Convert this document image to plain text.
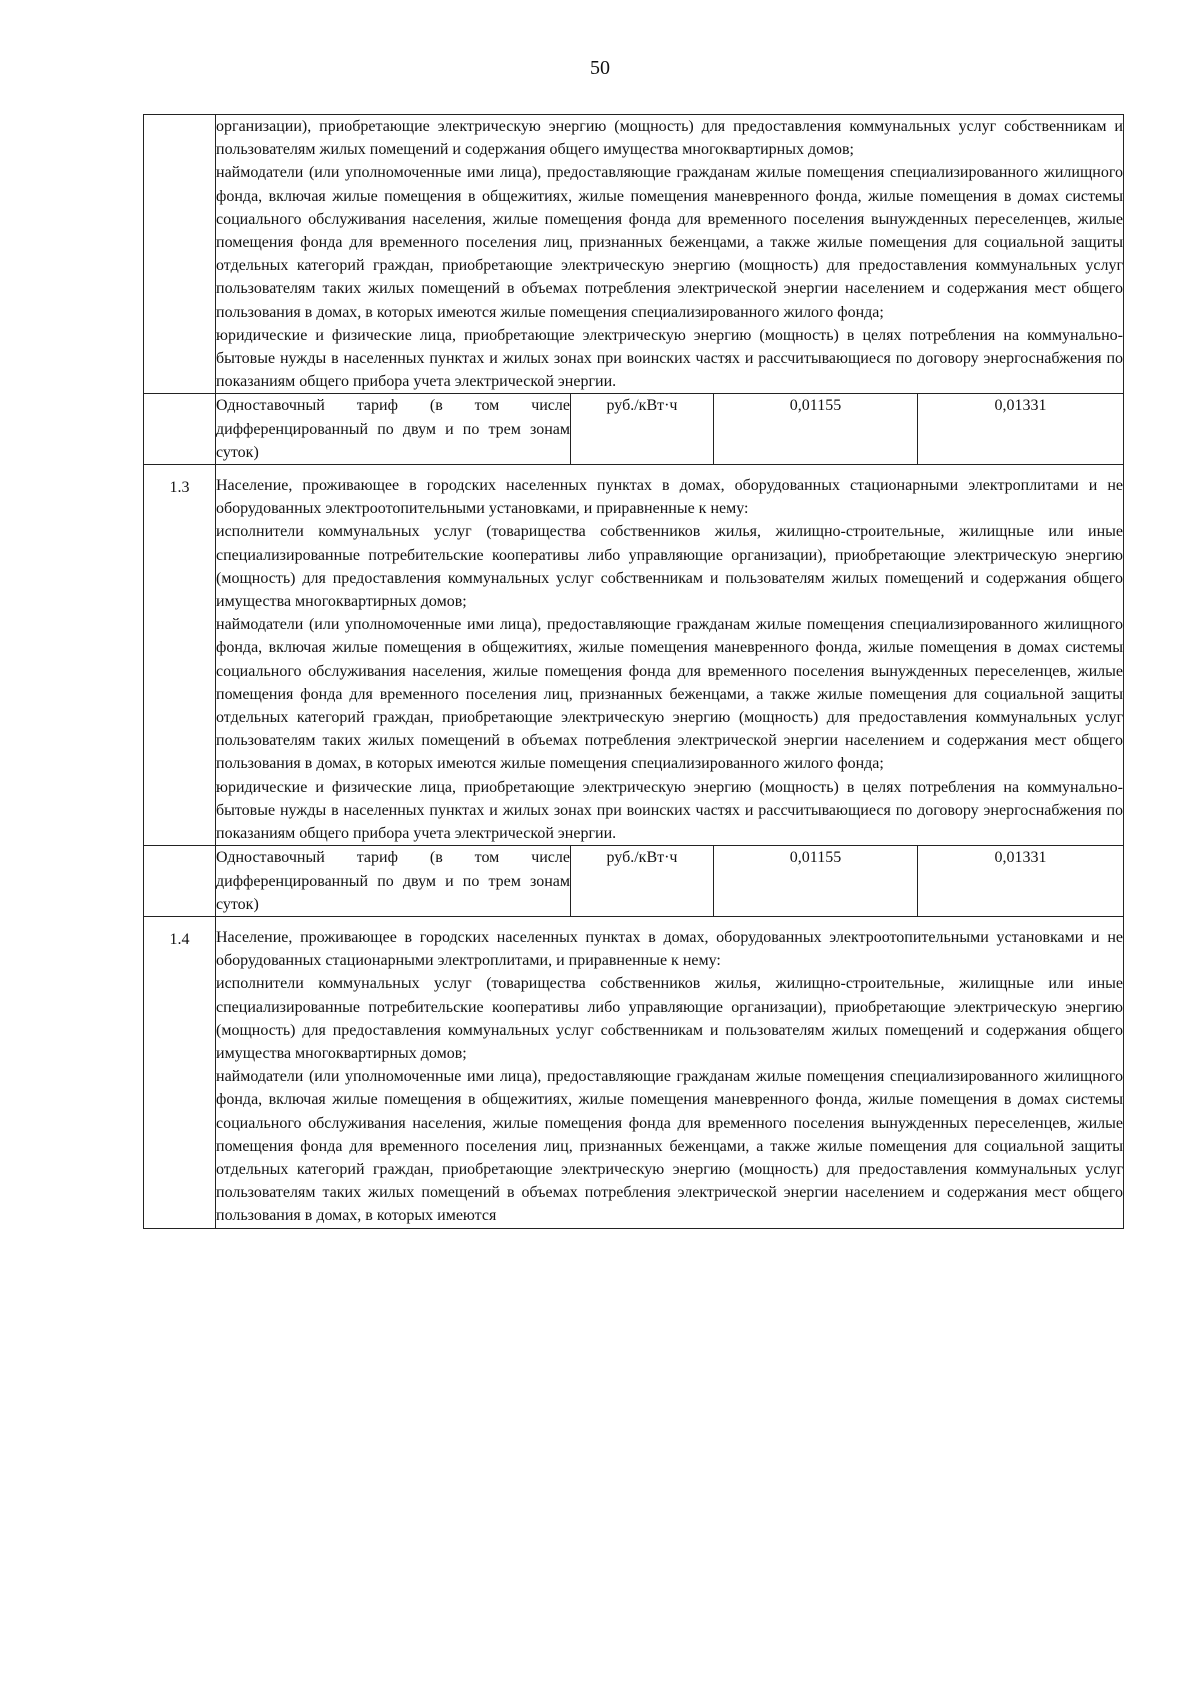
50

	организации), приобретающие электрическую энергию (мощность) для предоставления коммунальных услуг собственникам и пользователям жилых помещений и содержания общего имущества многоквартирных домов;

наймодатели (или уполномоченные ими лица), предоставляющие гражданам жилые помещения специализированного жилищного фонда, включая жилые помещения в общежитиях, жилые помещения маневренного фонда, жилые помещения в домах системы социального обслуживания населения, жилые помещения фонда для временного поселения вынужденных переселенцев, жилые помещения фонда для временного поселения лиц, признанных беженцами, а также жилые помещения для социальной защиты отдельных категорий граждан, приобретающие электрическую энергию (мощность) для предоставления коммунальных услуг пользователям таких жилых помещений в объемах потребления электрической энергии населением и содержания мест общего пользования в домах, в которых имеются жилые помещения специализированного жилого фонда;

юридические и физические лица, приобретающие электрическую энергию (мощность) в целях потребления на коммунально-бытовые нужды в населенных пунктах и жилых зонах при воинских частях и рассчитывающиеся по договору энергоснабжения по показаниям общего прибора учета электрической энергии.			

	Одноставочный тариф (в том числе дифференцированный по двум и по трем зонам суток)	руб./кВт·ч	0,01155	0,01331
1.3	Население, проживающее в городских населенных пунктах в домах, оборудованных стационарными электроплитами и не оборудованных электроотопительными установками, и приравненные к нему:

исполнители коммунальных услуг (товарищества собственников жилья, жилищно-строительные, жилищные или иные специализированные потребительские кооперативы либо управляющие организации), приобретающие электрическую энергию (мощность) для предоставления коммунальных услуг собственникам и пользователям жилых помещений и содержания общего имущества многоквартирных домов;

наймодатели (или уполномоченные ими лица), предоставляющие гражданам жилые помещения специализированного жилищного фонда, включая жилые помещения в общежитиях, жилые помещения маневренного фонда, жилые помещения в домах системы социального обслуживания населения, жилые помещения фонда для временного поселения вынужденных переселенцев, жилые помещения фонда для временного поселения лиц, признанных беженцами, а также жилые помещения для социальной защиты отдельных категорий граждан, приобретающие электрическую энергию (мощность) для предоставления коммунальных услуг пользователям таких жилых помещений в объемах потребления электрической энергии населением и содержания мест общего пользования в домах, в которых имеются жилые помещения специализированного жилого фонда;

юридические и физические лица, приобретающие электрическую энергию (мощность) в целях потребления на коммунально-бытовые нужды в населенных пунктах и жилых зонах при воинских частях и рассчитывающиеся по договору энергоснабжения по показаниям общего прибора учета электрической энергии.			

	Одноставочный тариф (в том числе дифференцированный по двум и по трем зонам суток)	руб./кВт·ч	0,01155	0,01331
1.4	Население, проживающее в городских населенных пунктах в домах, оборудованных электроотопительными установками и не оборудованных стационарными электроплитами, и приравненные к нему:

исполнители коммунальных услуг (товарищества собственников жилья, жилищно-строительные, жилищные или иные специализированные потребительские кооперативы либо управляющие организации), приобретающие электрическую энергию (мощность) для предоставления коммунальных услуг собственникам и пользователям жилых помещений и содержания общего имущества многоквартирных домов;

наймодатели (или уполномоченные ими лица), предоставляющие гражданам жилые помещения специализированного жилищного фонда, включая жилые помещения в общежитиях, жилые помещения маневренного фонда, жилые помещения в домах системы социального обслуживания населения, жилые помещения фонда для временного поселения вынужденных переселенцев, жилые помещения фонда для временного поселения лиц, признанных беженцами, а также жилые помещения для социальной защиты отдельных категорий граждан, приобретающие электрическую энергию (мощность) для предоставления коммунальных услуг пользователям таких жилых помещений в объемах потребления электрической энергии населением и содержания мест общего пользования в домах, в которых имеются			
